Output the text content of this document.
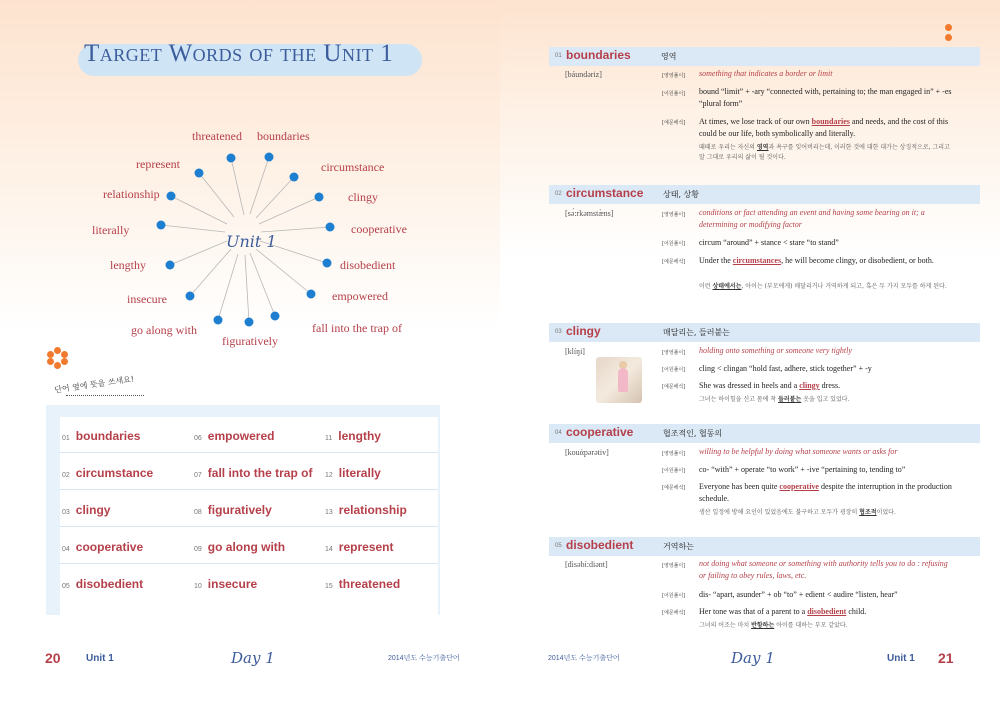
Target Words of the Unit 1
Unit 1
threatened boundaries
circumstance
clingy
cooperative
disobedient
empowered
fall into the trap of
figuratively
go along with
insecure
lengthy
literally
relationship
represent
단어 옆에 뜻을 쓰세요!
01 boundaries	06 empowered	11 lengthy
02 circumstance	07 fall into the trap of 12 literally
03 clingy	08 figuratively	13 relationship
04 cooperative	09 go along with	14 represent
05 disobedient	10 insecure	15 threatened
20	Unit 1	Day 1	2014년도 수능기출단어
01 boundaries	영역
[báundəriz]	[영영풀이] something that indicates a border or limit
[어원풀이] bound “limit” + -ary “connected with, pertaining to; the man engaged in” + -es “plural form”
[예문해석] At times, we lose track of our own boundaries and needs, and the cost of this could be our life, both symbolically and literally.
때때로 우리는 자신의 영역과 욕구를 잊어버리는데, 이러한 것에 대한 대가는 상징적으로, 그리고 말 그대로 우리의 삶이 될 것이다.
02 circumstance 상태, 상황
[sə́:rkəmstæ̀ns]	[영영풀이] conditions or fact attending an event and having some bearing on it; a determining or modifying factor
[어원풀이] circum “around” + stance < stare “to stand”
[예문해석] Under the circumstances, he will become clingy, or disobedient, or both.
이런 상태에서는, 아이는 (부모에게) 매달리거나 거역하게 되고, 혹은 두 가지 모두를 하게 된다.
03 clingy	매달리는, 들러붙는
[klíŋi]	[영영풀이] holding onto something or someone very tightly
[어원풀이] cling < clingan “hold fast, adhere, stick together” + -y
[예문해석] She was dressed in heels and a clingy dress.
그녀는 하이힐을 신고 몸에 착 들러붙는 옷을 입고 있었다.
04 cooperative	협조적인, 협동의
[kouάpərətiv]	[영영풀이] willing to be helpful by doing what someone wants or asks for
[어원풀이] co- “with” + operate “to work” + -ive “pertaining to, tending to”
[예문해석] Everyone has been quite cooperative despite the interruption in the production schedule.
생산 일정에 방해 요인이 있었음에도 불구하고 모두가 굉장히 협조적이었다.
05 disobedient	거역하는
[dìsəbí:diənt]	[영영풀이] not doing what someone or something with authority tells you to do : refusing or failing to obey rules, laws, etc.
[어원풀이] dis- “apart, asunder” + ob “to” + edient < audire “listen, hear”
[예문해석] Her tone was that of a parent to a disobedient child.
그녀의 어조는 마치 반항하는 아이를 대하는 부모 같았다.
2014년도 수능기출단어	Day 1	Unit 1 21
